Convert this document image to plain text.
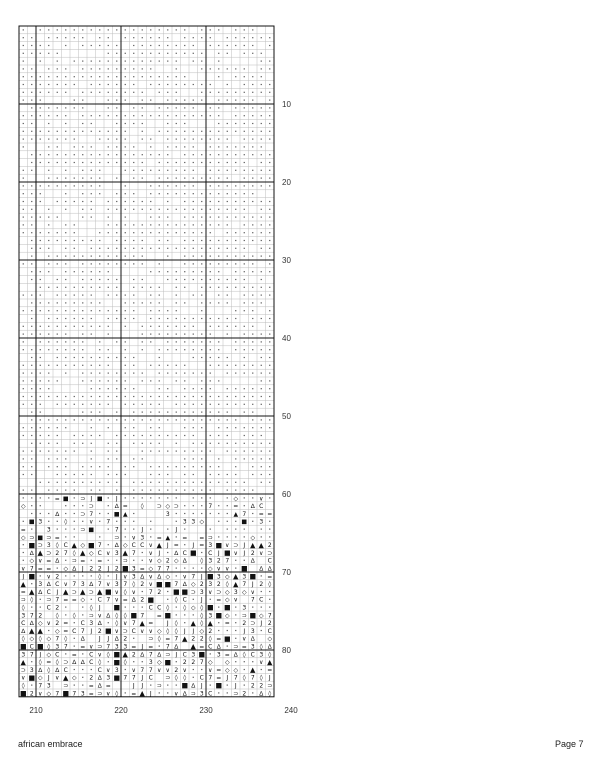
= ■ ⊃ J ■ J	◇	∨
◇	⊃	∆ = ◊ ⊃ ◇ ⊃	7	= ∆ C
∆	⊃ 7	■ ▲	3	▲ 7 = =
■ 3	◊	∨ 7	3 3 ◇	■ 3
=	3	⊃ ■	7	J	J
◇ ⊃ ■ ⊃ =	⊃ ∨ 3 = ▲ = = ⊃	◇
■ ⊃ 3 ◊ C ▲ ◇ ■ 7 ∆ ◇ C C ∨ ▲ J = J = 3 ■ ∨ ⊃ J ▲ ▲ 2
∆ ▲ ⊃ 2 7 ◊ ▲ ◇ C ∨ 3 ▲ 7 ∨ J ∆ C ■ C J ■ ∨ J 2 ∨ ⊃
◇ ∨ = ∆ ⊃ = =	⊃	∨ ◇ 2 ◇ ∆ ◊ 3 2 7	∆ C
∨ 7 = = ◇ ∆ J 2 2 J 2 ■ 3 = ◇ 7 7	◇ ∨ ∨ ■ ∆ ∆
J ■ ∨ 2	◊ J ∨ 3 ∆ ∨ ∆ ◇ ∨ 7 J ■ 3 ◇ ▲ 3 ■ =
▲ 3 ∆ C ∨ 7 3 ∆ 7 ∨ 3 7 ◊ 2 ∨ ■ ■ 7 ∆ ◇ 2 3 2 ◊ ▲ 7 J 2 ◊
= ▲ ∆ C J ▲ ⊃ ▲ ⊃ ▲ ■ ∨ ◊ ∨ 7 2 ■ ■ ⊃ 3 ∨ ⊃ ◇ 3 ◇ ∨
⊃ ◊ ⊃ 7 = = ◇ C 7 ∨ = ∆ 2 ■	◊ C J = ◇ ∨ 7 C
◊	C 2	◊ J ■	C C ◊ ◊ ◇ ◊ ■ ■ 3
3 7 2 ◊ ◊ ⊃ ∨ ∆ ◊ ◊ ■ 7 = ■	◊ 3 ■ ◇ ⊃ ■ ◇ 7
C ∆ ◇ ∨ 2 = C 3 ∆ ◊ ∨ 7 ▲ = J ◊ ▲ ◊ ▲ = 2 ⊃ J 2
∆ ▲ ▲ ◇ = C 7 J 2 ■ ∨ ⊃ C ∨ ∨ ◇ ◊ ◊ J J ◇ 2	J 3 C
◊ ◇ ◊ ◇ 7 ◊ ∆ J J ∆ 2	⊃ ◊ = 7 ▲ 2 2 ◊ = ■ ∨ ∆ ◇
■ C ■ ◊ 3 7 = ∨ ⊃ 7 3 3 = J = 7 ∆ ▲ = C ∆ ⊃ = 3 ◊ ∆
3 7 J ◇ C = C ∨ ◊ ■ ▲ 2 ∆ 7 ∆ ⊃ J C 3 ■ 3 = ∆ ◊ C 3 ◊
▲ ◊ = ◊ ⊃ ∆ ∆ C ◊ ■ ◊	3 ◇ ■ 2 2 7 ◇ ◇	∨ ▲
⊃ 3 ∆ ◊ ∆ C	C ∨ 3 ∨ 7 7 ∨ ∨ 2 ∨	∨ = ◇ ◇ ▲ =
∨ ■ ◇ J ∨ ▲ ◇ 2 ∆ 3 ■ 7 7 J C ⊃ ◊ ◊ C 7 = J 7 ◊ 7 ◊ J
◊ 7 3 ⊃	= ∆ =	J J ⊃	■ ∆ J ■ J 2 2 ⊃
■ 2 ∨ ◇ 7 ■ 7 3 = ⊃ ∨ ◊ = ▲ J	∨ ∆ ⊃ 3 C	⊃ 2 ∆ ◊
10
20
30
40
50
60
70
80
210	220	230	240
african embrace	Page 7
